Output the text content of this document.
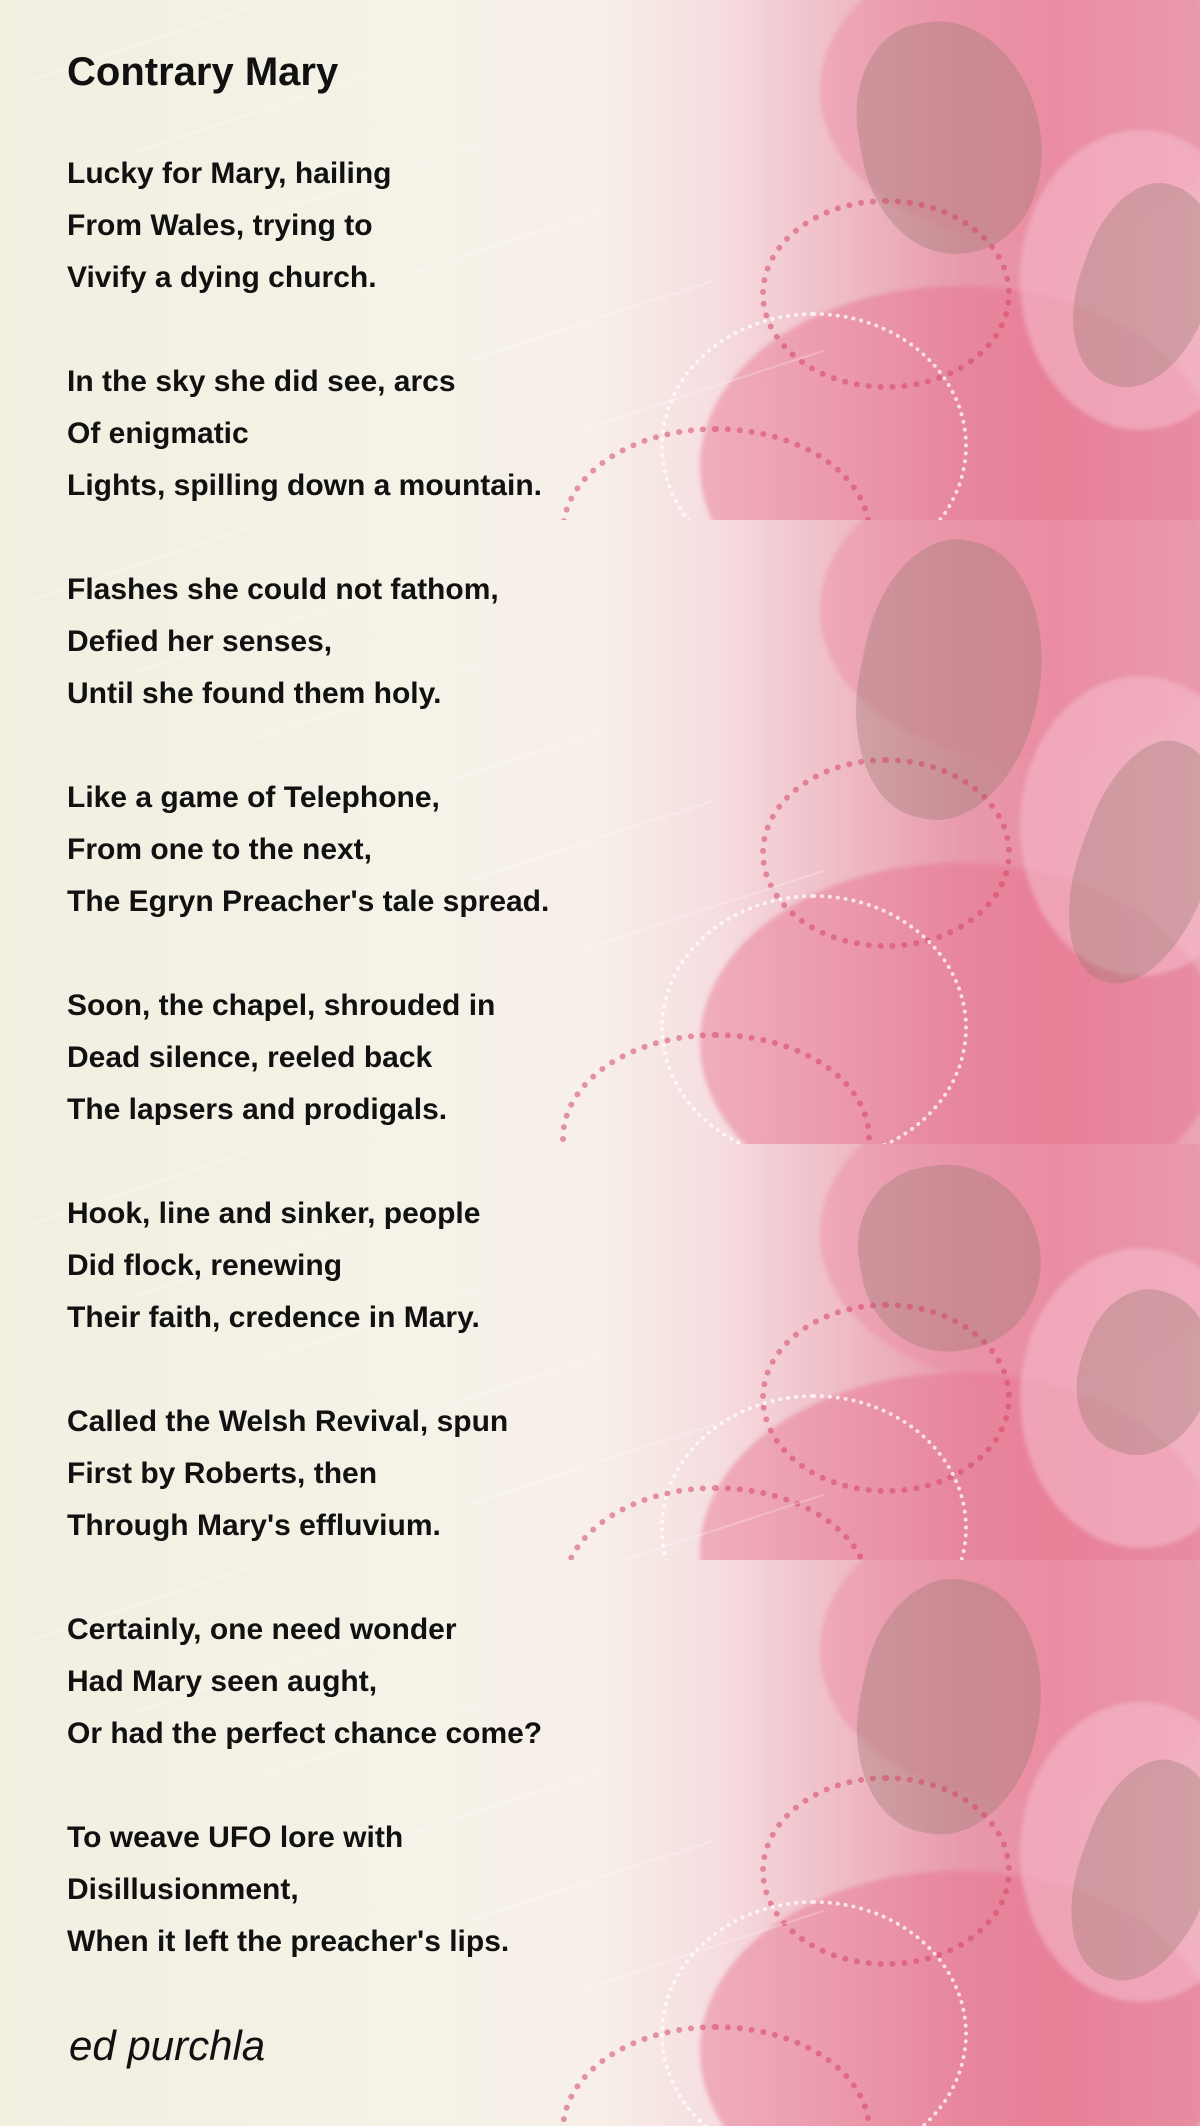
Contrary Mary
Lucky for Mary, hailing
From Wales, trying to
Vivify a dying church.
In the sky she did see, arcs
Of enigmatic
Lights, spilling down a mountain.
Flashes she could not fathom,
Defied her senses,
Until she found them holy.
Like a game of Telephone,
From one to the next,
The Egryn Preacher's tale spread.
Soon, the chapel, shrouded in
Dead silence, reeled back
The lapsers and prodigals.
Hook, line and sinker, people
Did flock, renewing
Their faith, credence in Mary.
Called the Welsh Revival, spun
First by Roberts, then
Through Mary's effluvium.
Certainly, one need wonder
Had Mary seen aught,
Or had the perfect chance come?
To weave UFO lore with
Disillusionment,
When it left the preacher's lips.

ed purchla
